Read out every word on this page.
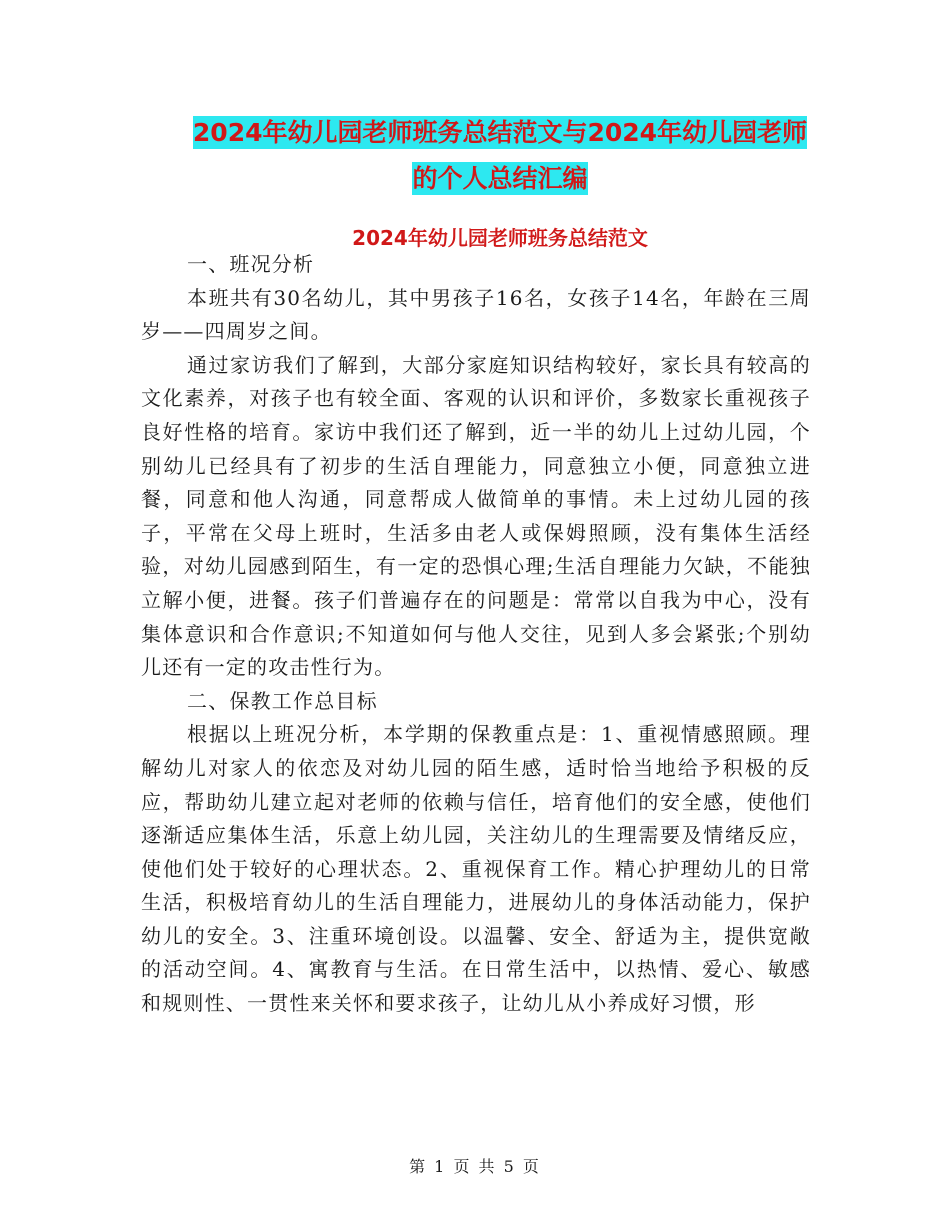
2024年幼儿园老师班务总结范文与2024年幼儿园老师
的个人总结汇编
2024年幼儿园老师班务总结范文

一、班况分析

本班共有30名幼儿，其中男孩子16名，女孩子14名，年龄在三周岁——四周岁之间。

通过家访我们了解到，大部分家庭知识结构较好，家长具有较高的文化素养，对孩子也有较全面、客观的认识和评价，多数家长重视孩子良好性格的培育。家访中我们还了解到，近一半的幼儿上过幼儿园，个别幼儿已经具有了初步的生活自理能力，同意独立小便，同意独立进餐，同意和他人沟通，同意帮成人做简单的事情。未上过幼儿园的孩子，平常在父母上班时，生活多由老人或保姆照顾，没有集体生活经验，对幼儿园感到陌生，有一定的恐惧心理;生活自理能力欠缺，不能独立解小便，进餐。孩子们普遍存在的问题是：常常以自我为中心，没有集体意识和合作意识;不知道如何与他人交往，见到人多会紧张;个别幼儿还有一定的攻击性行为。

二、保教工作总目标

根据以上班况分析，本学期的保教重点是：1、重视情感照顾。理解幼儿对家人的依恋及对幼儿园的陌生感，适时恰当地给予积极的反应，帮助幼儿建立起对老师的依赖与信任，培育他们的安全感，使他们逐渐适应集体生活，乐意上幼儿园，关注幼儿的生理需要及情绪反应，使他们处于较好的心理状态。2、重视保育工作。精心护理幼儿的日常生活，积极培育幼儿的生活自理能力，进展幼儿的身体活动能力，保护幼儿的安全。3、注重环境创设。以温馨、安全、舒适为主，提供宽敞的活动空间。4、寓教育与生活。在日常生活中，以热情、爱心、敏感和规则性、一贯性来关怀和要求孩子，让幼儿从小养成好习惯，形

第 1 页 共 5 页
